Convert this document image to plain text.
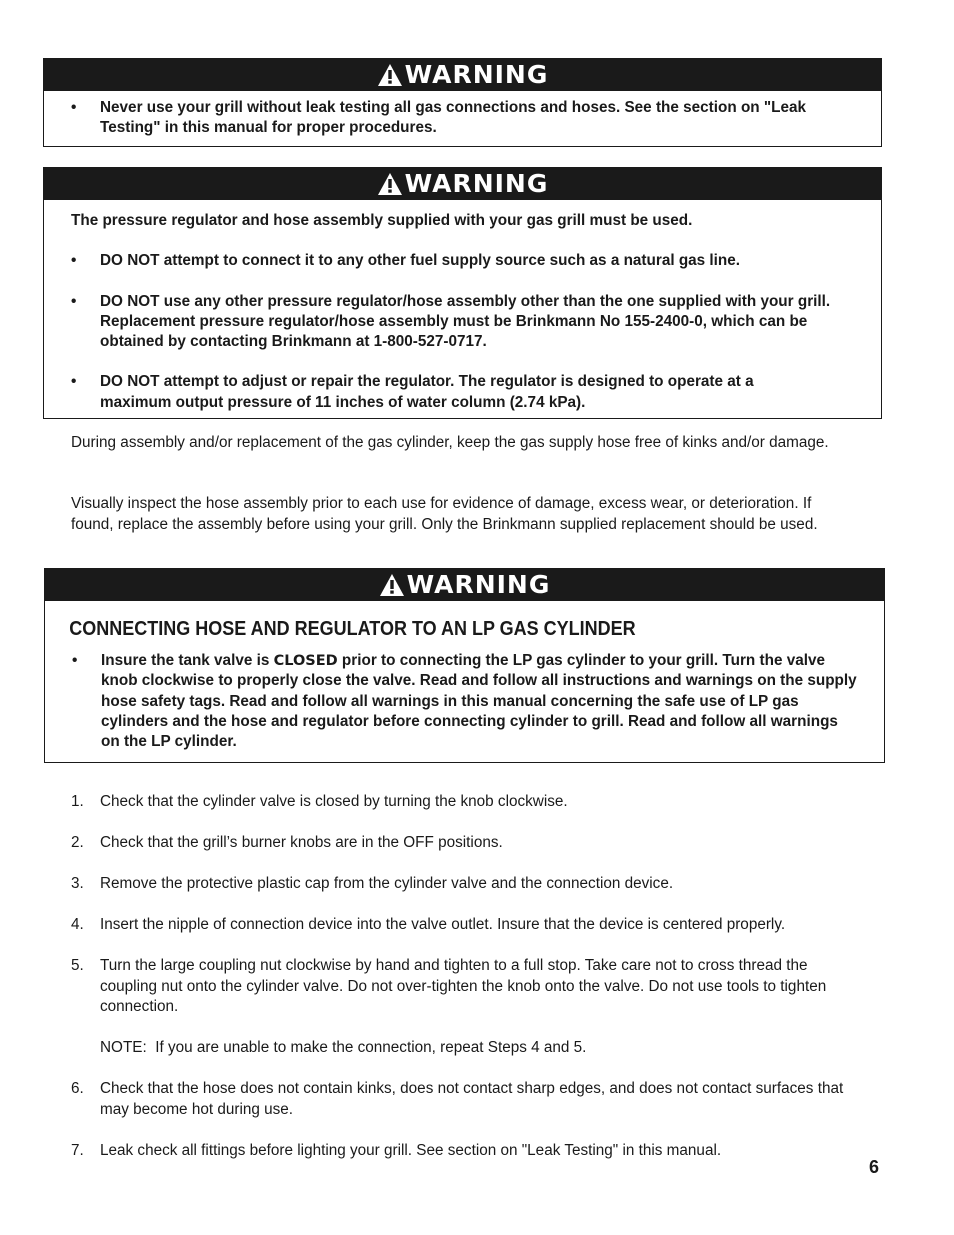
WARNING
• Never use your grill without leak testing all gas connections and hoses. See the section on "Leak Testing" in this manual for proper procedures.
WARNING
The pressure regulator and hose assembly supplied with your gas grill must be used.
• DO NOT attempt to connect it to any other fuel supply source such as a natural gas line.
• DO NOT use any other pressure regulator/hose assembly other than the one supplied with your grill. Replacement pressure regulator/hose assembly must be Brinkmann No 155-2400-0, which can be obtained by contacting Brinkmann at 1-800-527-0717.
• DO NOT attempt to adjust or repair the regulator. The regulator is designed to operate at a maximum output pressure of 11 inches of water column (2.74 kPa).
During assembly and/or replacement of the gas cylinder, keep the gas supply hose free of kinks and/or damage.
Visually inspect the hose assembly prior to each use for evidence of damage, excess wear, or deterioration. If found, replace the assembly before using your grill. Only the Brinkmann supplied replacement should be used.
WARNING
CONNECTING HOSE AND REGULATOR TO AN LP GAS CYLINDER
• Insure the tank valve is CLOSED prior to connecting the LP gas cylinder to your grill. Turn the valve knob clockwise to properly close the valve. Read and follow all instructions and warnings on the supply hose safety tags. Read and follow all warnings in this manual concerning the safe use of LP gas cylinders and the hose and regulator before connecting cylinder to grill. Read and follow all warnings on the LP cylinder.
1. Check that the cylinder valve is closed by turning the knob clockwise.
2. Check that the grill’s burner knobs are in the OFF positions.
3. Remove the protective plastic cap from the cylinder valve and the connection device.
4. Insert the nipple of connection device into the valve outlet. Insure that the device is centered properly.
5. Turn the large coupling nut clockwise by hand and tighten to a full stop. Take care not to cross thread the coupling nut onto the cylinder valve. Do not over-tighten the knob onto the valve. Do not use tools to tighten connection.
NOTE:  If you are unable to make the connection, repeat Steps 4 and 5.
6. Check that the hose does not contain kinks, does not contact sharp edges, and does not contact surfaces that may become hot during use.
7. Leak check all fittings before lighting your grill. See section on "Leak Testing" in this manual.
6
